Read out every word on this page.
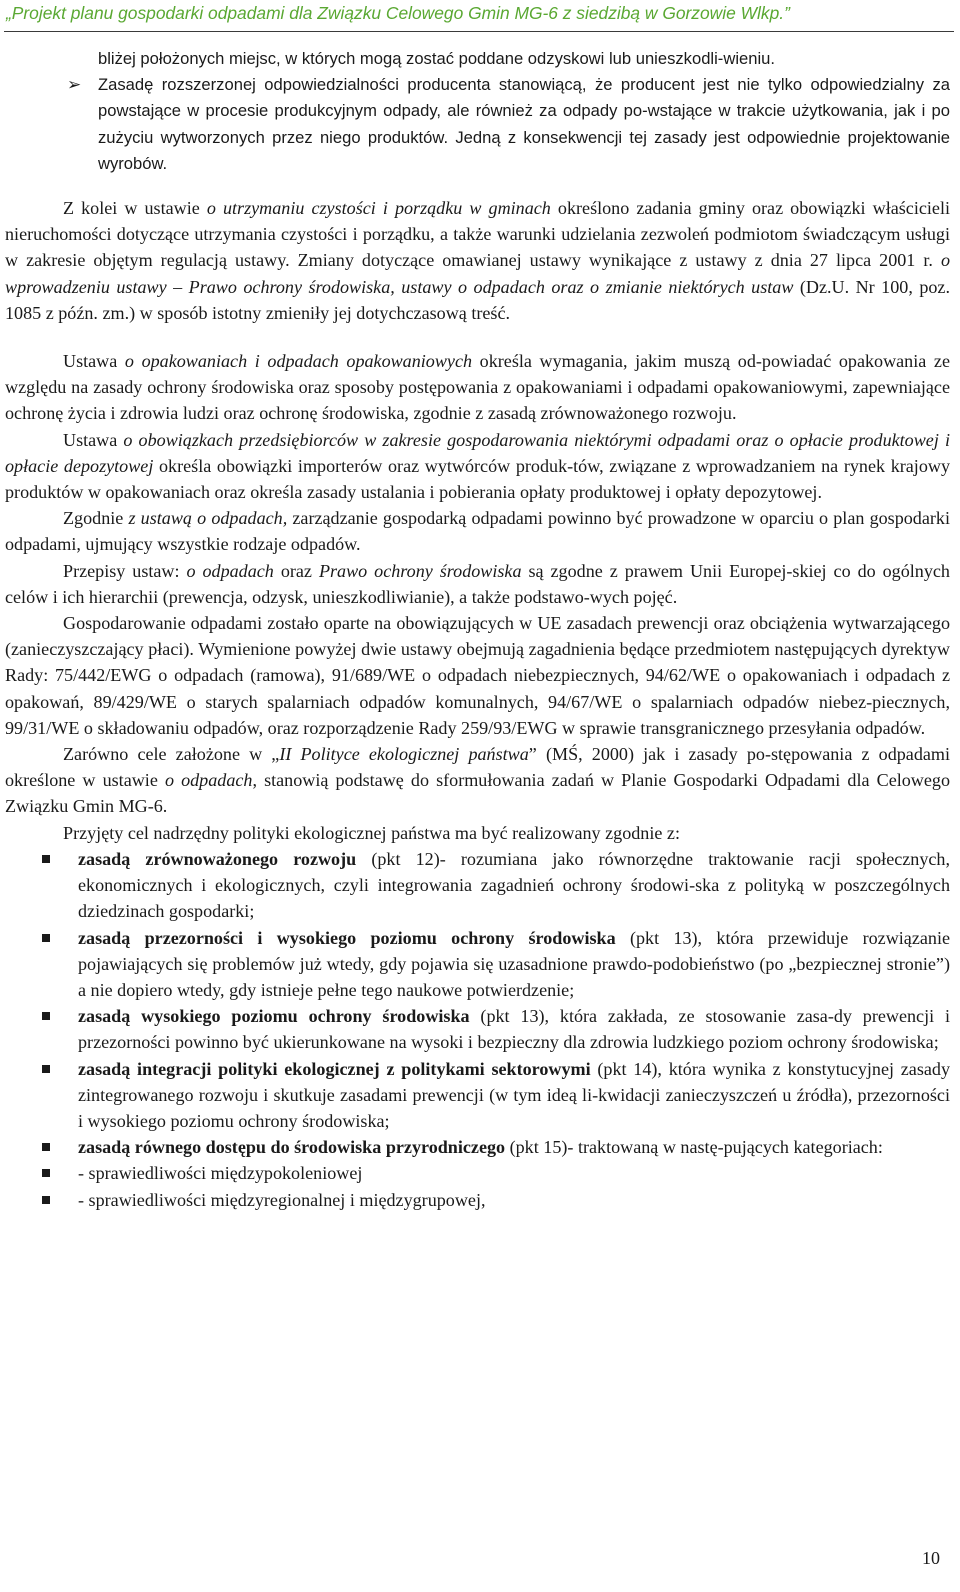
„Projekt planu gospodarki odpadami dla Związku Celowego Gmin MG-6 z siedzibą w Gorzowie Wlkp.”

bliżej położonych miejsc, w których mogą zostać poddane odzyskowi lub unieszkodli-wieniu.

➢ Zasadę rozszerzonej odpowiedzialności producenta stanowiącą, że producent jest nie tylko odpowiedzialny za powstające w procesie produkcyjnym odpady, ale również za odpady po-wstające w trakcie użytkowania, jak i po zużyciu wytworzonych przez niego produktów. Jedną z konsekwencji tej zasady jest odpowiednie projektowanie wyrobów.

Z kolei w ustawie o utrzymaniu czystości i porządku w gminach określono zadania gminy oraz obowiązki właścicieli nieruchomości dotyczące utrzymania czystości i porządku, a także warunki udzielania zezwoleń podmiotom świadczącym usługi w zakresie objętym regulacją ustawy. Zmiany dotyczące omawianej ustawy wynikające z ustawy z dnia 27 lipca 2001 r. o wprowadzeniu ustawy – Prawo ochrony środowiska, ustawy o odpadach oraz o zmianie niektórych ustaw (Dz.U. Nr 100, poz. 1085 z późn. zm.) w sposób istotny zmieniły jej dotychczasową treść.

Ustawa o opakowaniach i odpadach opakowaniowych określa wymagania, jakim muszą od-powiadać opakowania ze względu na zasady ochrony środowiska oraz sposoby postępowania z opakowaniami i odpadami opakowaniowymi, zapewniające ochronę życia i zdrowia ludzi oraz ochronę środowiska, zgodnie z zasadą zrównoważonego rozwoju.

Ustawa o obowiązkach przedsiębiorców w zakresie gospodarowania niektórymi odpadami oraz o opłacie produktowej i opłacie depozytowej określa obowiązki importerów oraz wytwórców produk-tów, związane z wprowadzaniem na rynek krajowy produktów w opakowaniach oraz określa zasady ustalania i pobierania opłaty produktowej i opłaty depozytowej.

Zgodnie z ustawą o odpadach, zarządzanie gospodarką odpadami powinno być prowadzone w oparciu o plan gospodarki odpadami, ujmujący wszystkie rodzaje odpadów.

Przepisy ustaw: o odpadach oraz Prawo ochrony środowiska są zgodne z prawem Unii Europej-skiej co do ogólnych celów i ich hierarchii (prewencja, odzysk, unieszkodliwianie), a także podstawo-wych pojęć.

Gospodarowanie odpadami zostało oparte na obowiązujących w UE zasadach prewencji oraz obciążenia wytwarzającego (zanieczyszczający płaci). Wymienione powyżej dwie ustawy obejmują zagadnienia będące przedmiotem następujących dyrektyw Rady: 75/442/EWG o odpadach (ramowa), 91/689/WE o odpadach niebezpiecznych, 94/62/WE o opakowaniach i odpadach z opakowań, 89/429/WE o starych spalarniach odpadów komunalnych, 94/67/WE o spalarniach odpadów niebez-piecznych, 99/31/WE o składowaniu odpadów, oraz rozporządzenie Rady 259/93/EWG w sprawie transgranicznego przesyłania odpadów.

Zarówno cele założone w „II Polityce ekologicznej państwa” (MŚ, 2000) jak i zasady po-stępowania z odpadami określone w ustawie o odpadach, stanowią podstawę do sformułowania zadań w Planie Gospodarki Odpadami dla Celowego Związku Gmin MG-6.

Przyjęty cel nadrzędny polityki ekologicznej państwa ma być realizowany zgodnie z:

zasadą zrównoważonego rozwoju (pkt 12)- rozumiana jako równorzędne traktowanie racji społecznych, ekonomicznych i ekologicznych, czyli integrowania zagadnień ochrony środowi-ska z polityką w poszczególnych dziedzinach gospodarki;
zasadą przezorności i wysokiego poziomu ochrony środowiska (pkt 13), która przewiduje rozwiązanie pojawiających się problemów już wtedy, gdy pojawia się uzasadnione prawdo-podobieństwo (po „bezpiecznej stronie”) a nie dopiero wtedy, gdy istnieje pełne tego naukowe potwierdzenie;
zasadą wysokiego poziomu ochrony środowiska (pkt 13), która zakłada, ze stosowanie zasa-dy prewencji i przezorności powinno być ukierunkowane na wysoki i bezpieczny dla zdrowia ludzkiego poziom ochrony środowiska;
zasadą integracji polityki ekologicznej z politykami sektorowymi (pkt 14), która wynika z konstytucyjnej zasady zintegrowanego rozwoju i skutkuje zasadami prewencji (w tym ideą li-kwidacji zanieczyszczeń u źródła), przezorności i wysokiego poziomu ochrony środowiska;
zasadą równego dostępu do środowiska przyrodniczego (pkt 15)- traktowaną w nastę-pujących kategoriach:
- sprawiedliwości międzypokoleniowej
- sprawiedliwości międzyregionalnej i międzygrupowej,
10
